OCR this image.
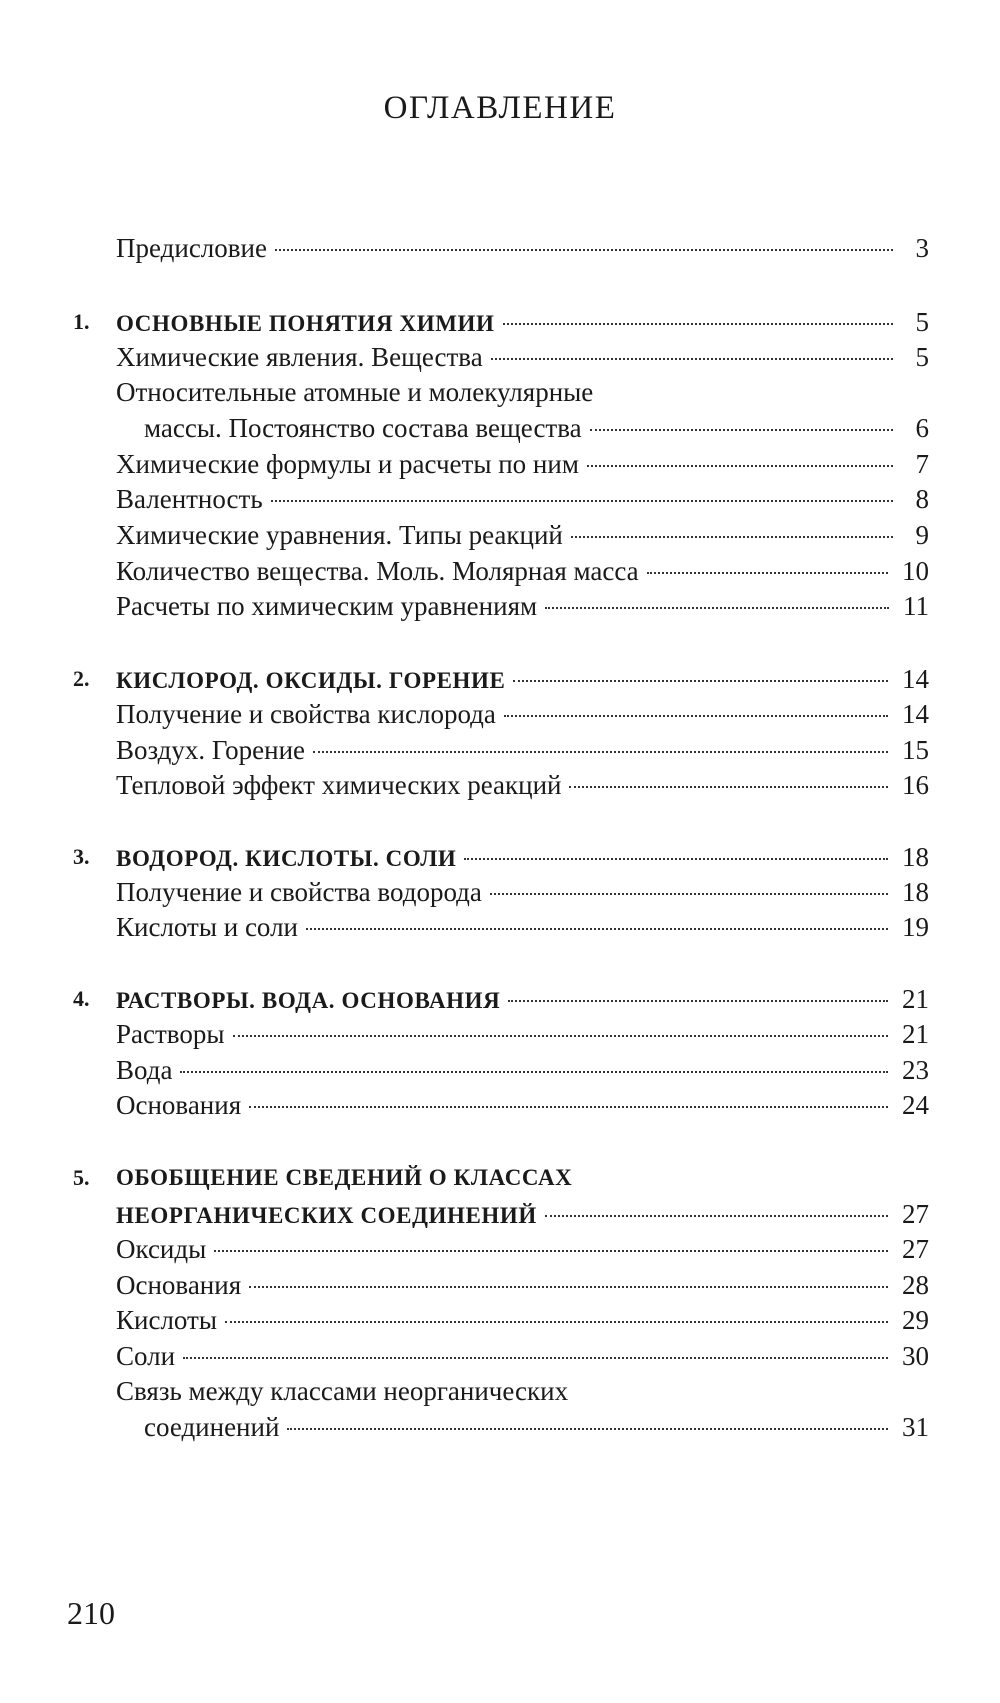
ОГЛАВЛЕНИЕ
Предисловие	3
1. ОСНОВНЫЕ ПОНЯТИЯ ХИМИИ	5
Химические явления. Вещества	5
Относительные атомные и молекулярные
массы. Постоянство состава вещества	6
Химические формулы и расчеты по ним	7
Валентность	8
Химические уравнения. Типы реакций	9
Количество вещества. Моль. Молярная масса	10
Расчеты по химическим уравнениям	11
2. КИСЛОРОД. ОКСИДЫ. ГОРЕНИЕ	14
Получение и свойства кислорода	14
Воздух. Горение	15
Тепловой эффект химических реакций	16
3. ВОДОРОД. КИСЛОТЫ. СОЛИ	18
Получение и свойства водорода	18
Кислоты и соли	19
4. РАСТВОРЫ. ВОДА. ОСНОВАНИЯ	21
Растворы	21
Вода	23
Основания	24
5. ОБОБЩЕНИЕ СВЕДЕНИЙ О КЛАССАХ
НЕОРГАНИЧЕСКИХ СОЕДИНЕНИЙ	27
Оксиды	27
Основания	28
Кислоты	29
Соли	30
Связь между классами неорганических
соединений	31

210
